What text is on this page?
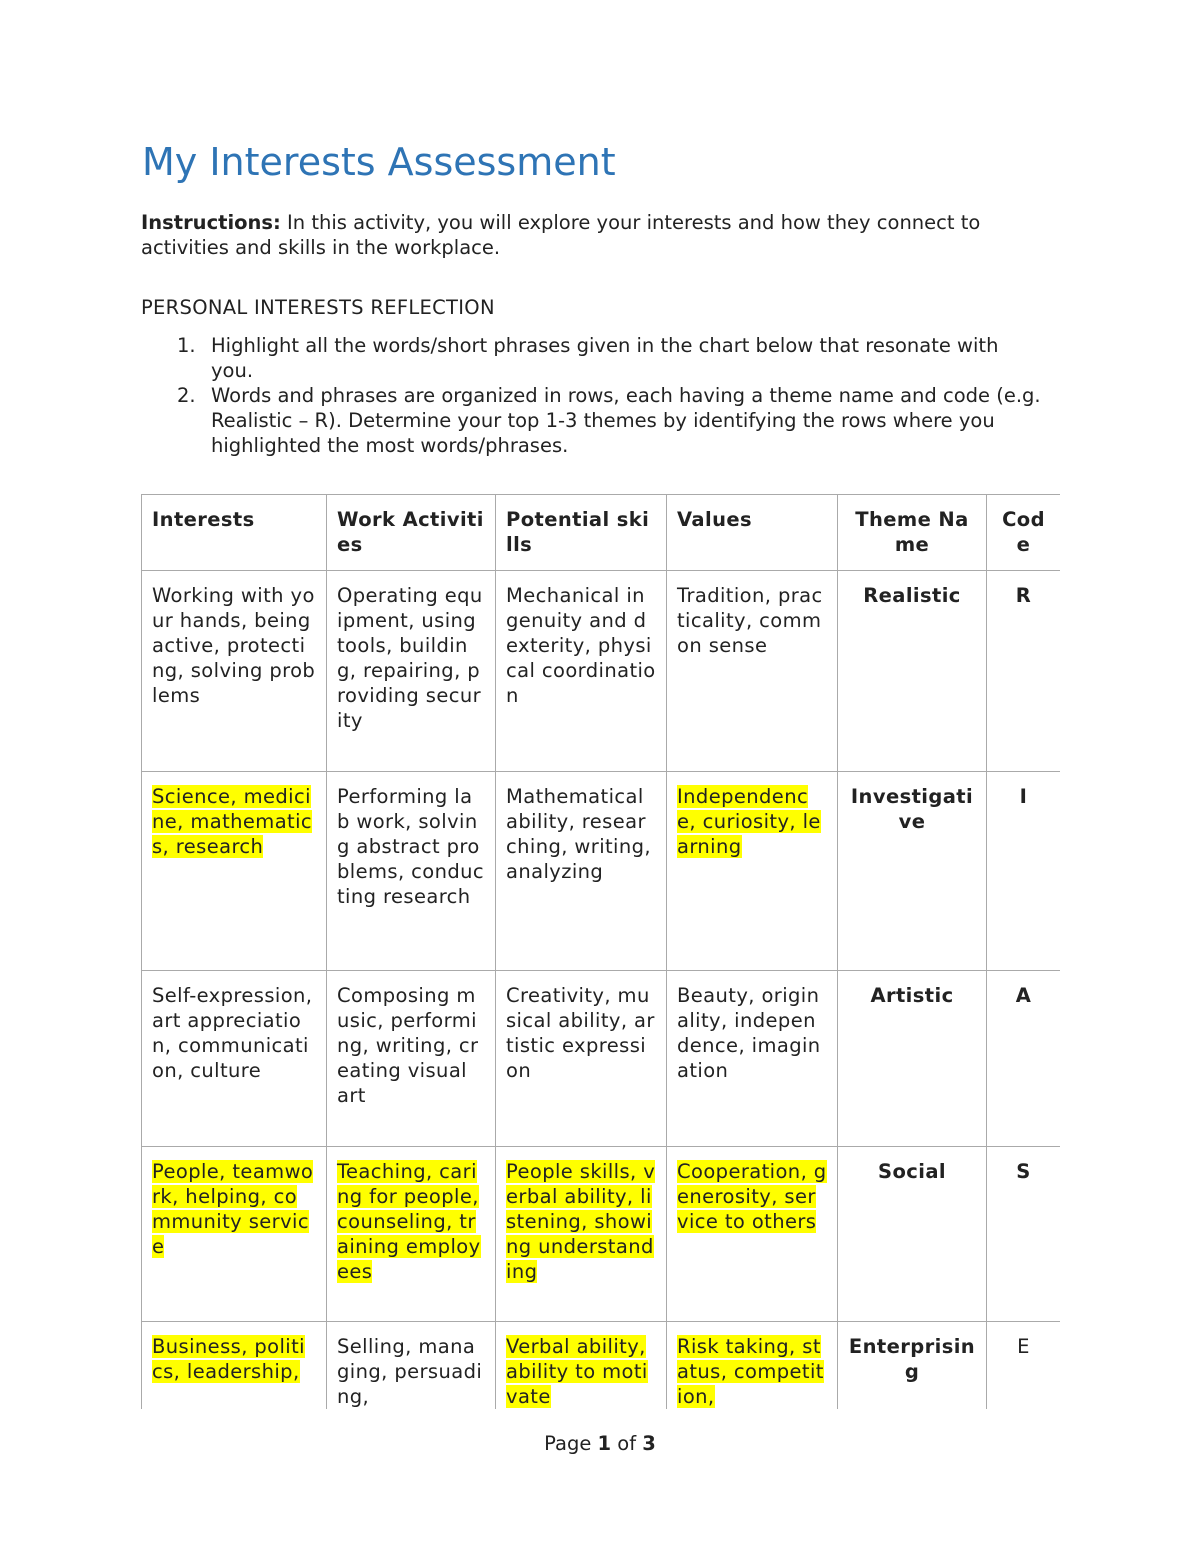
My Interests Assessment

Instructions: In this activity, you will explore your interests and how they connect to activities and skills in the workplace.

PERSONAL INTERESTS REFLECTION
1. Highlight all the words/short phrases given in the chart below that resonate with you.
2. Words and phrases are organized in rows, each having a theme name and code (e.g. Realistic – R). Determine your top 1-3 themes by identifying the rows where you highlighted the most words/phrases.
Interests	Work Activities	Potential skills	Values	Theme Name	Code
Working with your hands, being active, protecting, solving problems	Operating equipment, using tools, building, repairing, providing security	Mechanical ingenuity and dexterity, physical coordination	Tradition, practicality, common sense	Realistic	R
Science, medicine, mathematics, research	Performing lab work, solving abstract problems, conducting research	Mathematical ability, researching, writing, analyzing	Independence, curiosity, learning	Investigative	I
Self-expression, art appreciation, communication, culture	Composing music, performing, writing, creating visual art	Creativity, musical ability, artistic expression	Beauty, originality, independence, imagination	Artistic	A
People, teamwork, helping, community service	Teaching, caring for people, counseling, training employees	People skills, verbal ability, listening, showing understanding	Cooperation, generosity, service to others	Social	S
Business, politics, leadership,	Selling, managing, persuading,	Verbal ability, ability to motivate	Risk taking, status, competition,	Enterprising	E
Page 1 of 3
